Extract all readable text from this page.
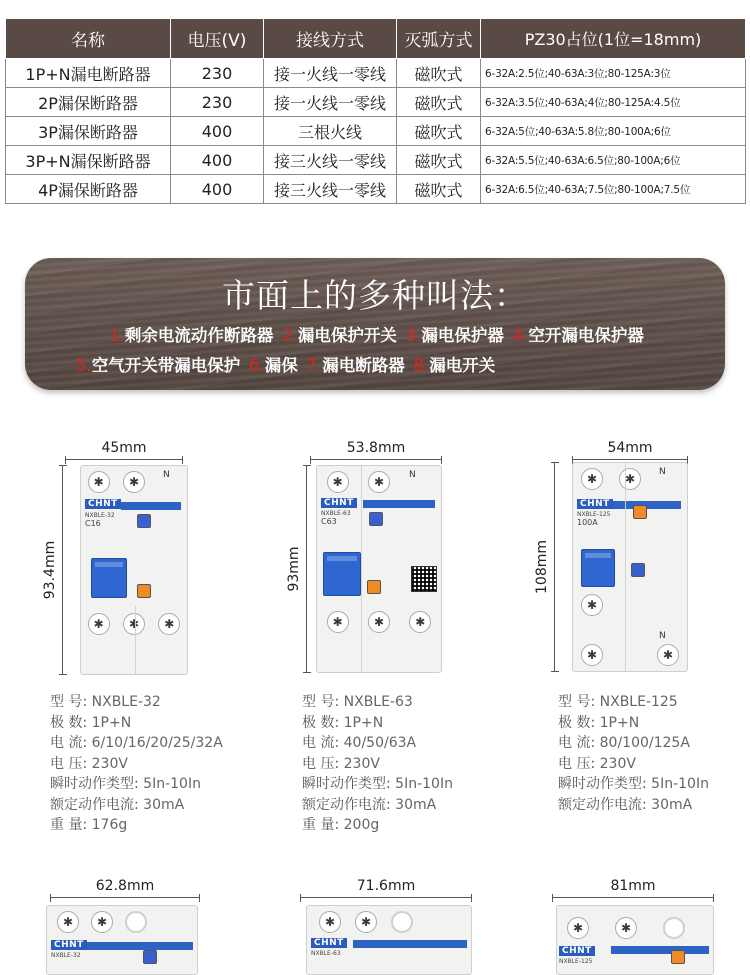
名称	电压(V)	接线方式	灭弧方式	PZ30占位(1位=18mm)
1P+N漏电断路器	230	接一火线一零线	磁吹式	6-32A:2.5位;40-63A:3位;80-125A:3位
2P漏保断路器	230	接一火线一零线	磁吹式	6-32A:3.5位;40-63A;4位;80-125A:4.5位
3P漏保断路器	400	三根火线	磁吹式	6-32A:5位;40-63A:5.8位;80-100A;6位
3P+N漏保断路器	400	接三火线一零线	磁吹式	6-32A:5.5位;40-63A:6.5位;80-100A;6位
4P漏保断路器	400	接三火线一零线	磁吹式	6-32A:6.5位;40-63A;7.5位;80-100A;7.5位
市面上的多种叫法：
1.剩余电流动作断路器 2.漏电保护开关 3.漏电保护器 4.空开漏电保护器
5.空气开关带漏电保护 6.漏保 7.漏电断路器 8.漏电开关
45mm
93.4mm
✱
✱
N
CHNT
NXBLE-32
C16
✱
✱
✱
型 号: NXBLE-32
极 数: 1P+N
电 流: 6/10/16/20/25/32A
电 压: 230V
瞬时动作类型: 5In-10In
额定动作电流: 30mA
重 量: 176g
53.8mm
93mm
✱
✱
N
CHNT
NXBLE-63
C63
✱
✱
✱
型 号: NXBLE-63
极 数: 1P+N
电 流: 40/50/63A
电 压: 230V
瞬时动作类型: 5In-10In
额定动作电流: 30mA
重 量: 200g
54mm
108mm
✱
✱
N
CHNT
NXBLE-125
100A
✱
N
✱
✱
型 号: NXBLE-125
极 数: 1P+N
电 流: 80/100/125A
电 压: 230V
瞬时动作类型: 5In-10In
额定动作电流: 30mA
62.8mm
✱
✱
CHNT
NXBLE-32
71.6mm
✱
✱
CHNT
NXBLE-63
81mm
✱
✱
CHNT
NXBLE-125
